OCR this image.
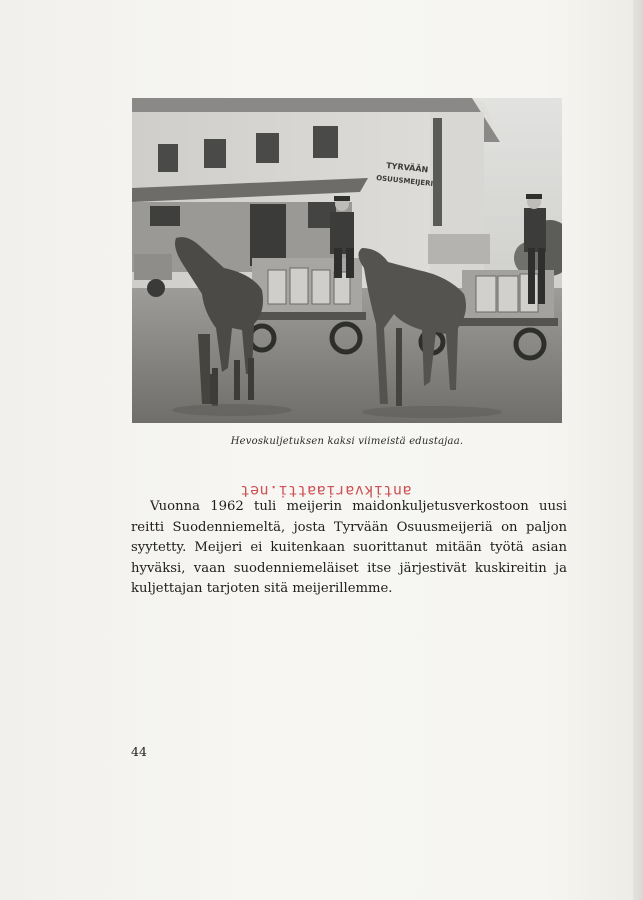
TYRVÄÄN
OSUUSMEIJERI
Hevoskuljetuksen kaksi viimeistä edustajaa.
antikvariaatti.net
Vuonna 1962 tuli meijerin maidonkuljetusverkostoon uusi reitti Suodenniemeltä, josta Tyrvään Osuusmeijeriä on paljon syytetty. Meijeri ei kuitenkaan suorittanut mitään työtä asian hyväksi, vaan suodenniemeläiset itse järjestivät kuskireitin ja kuljettajan tarjoten sitä meijerillemme.
44
